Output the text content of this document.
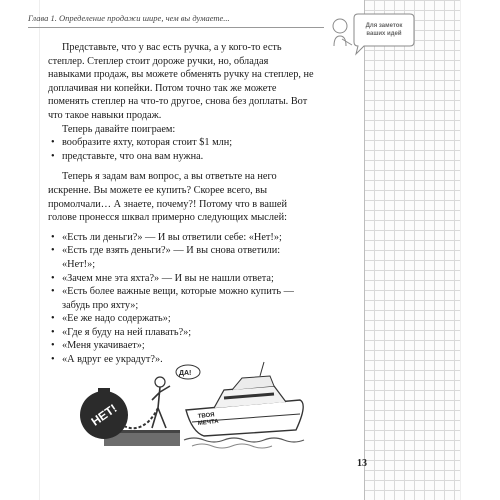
Глава 1. Определение продажи шире, чем вы думаете...
Для заметок
ваших идей

Представьте, что у вас есть ручка, а у кого-то есть степлер. Степлер стоит дороже ручки, но, обладая навыками продаж, вы можете обменять ручку на степлер, не доплачивая ни копейки. Потом точно так же можете поменять степлер на что-то другое, снова без доплаты. Вот что такое навыки продаж.

Теперь давайте поиграем:

• вообразите яхту, которая стоит $1 млн;
• представьте, что она вам нужна.

Теперь я задам вам вопрос, а вы ответьте на него искренне. Вы можете ее купить? Скорее всего, вы промолчали… А знаете, почему?! Потому что в вашей голове пронесся шквал примерно следующих мыслей:

• «Есть ли деньги?» — И вы ответили себе: «Нет!»;
• «Есть где взять деньги?» — И вы снова ответили: «Нет!»;
• «Зачем мне эта яхта?» — И вы не нашли ответа;
• «Есть более важные вещи, которые можно купить — забудь про яхту»;
• «Ее же надо содержать»;
• «Где я буду на ней плавать?»;
• «Меня укачивает»;
• «А вдруг ее украдут?».
НЕТ!
ДА!
ТВОЯ
МЕЧТА
13
